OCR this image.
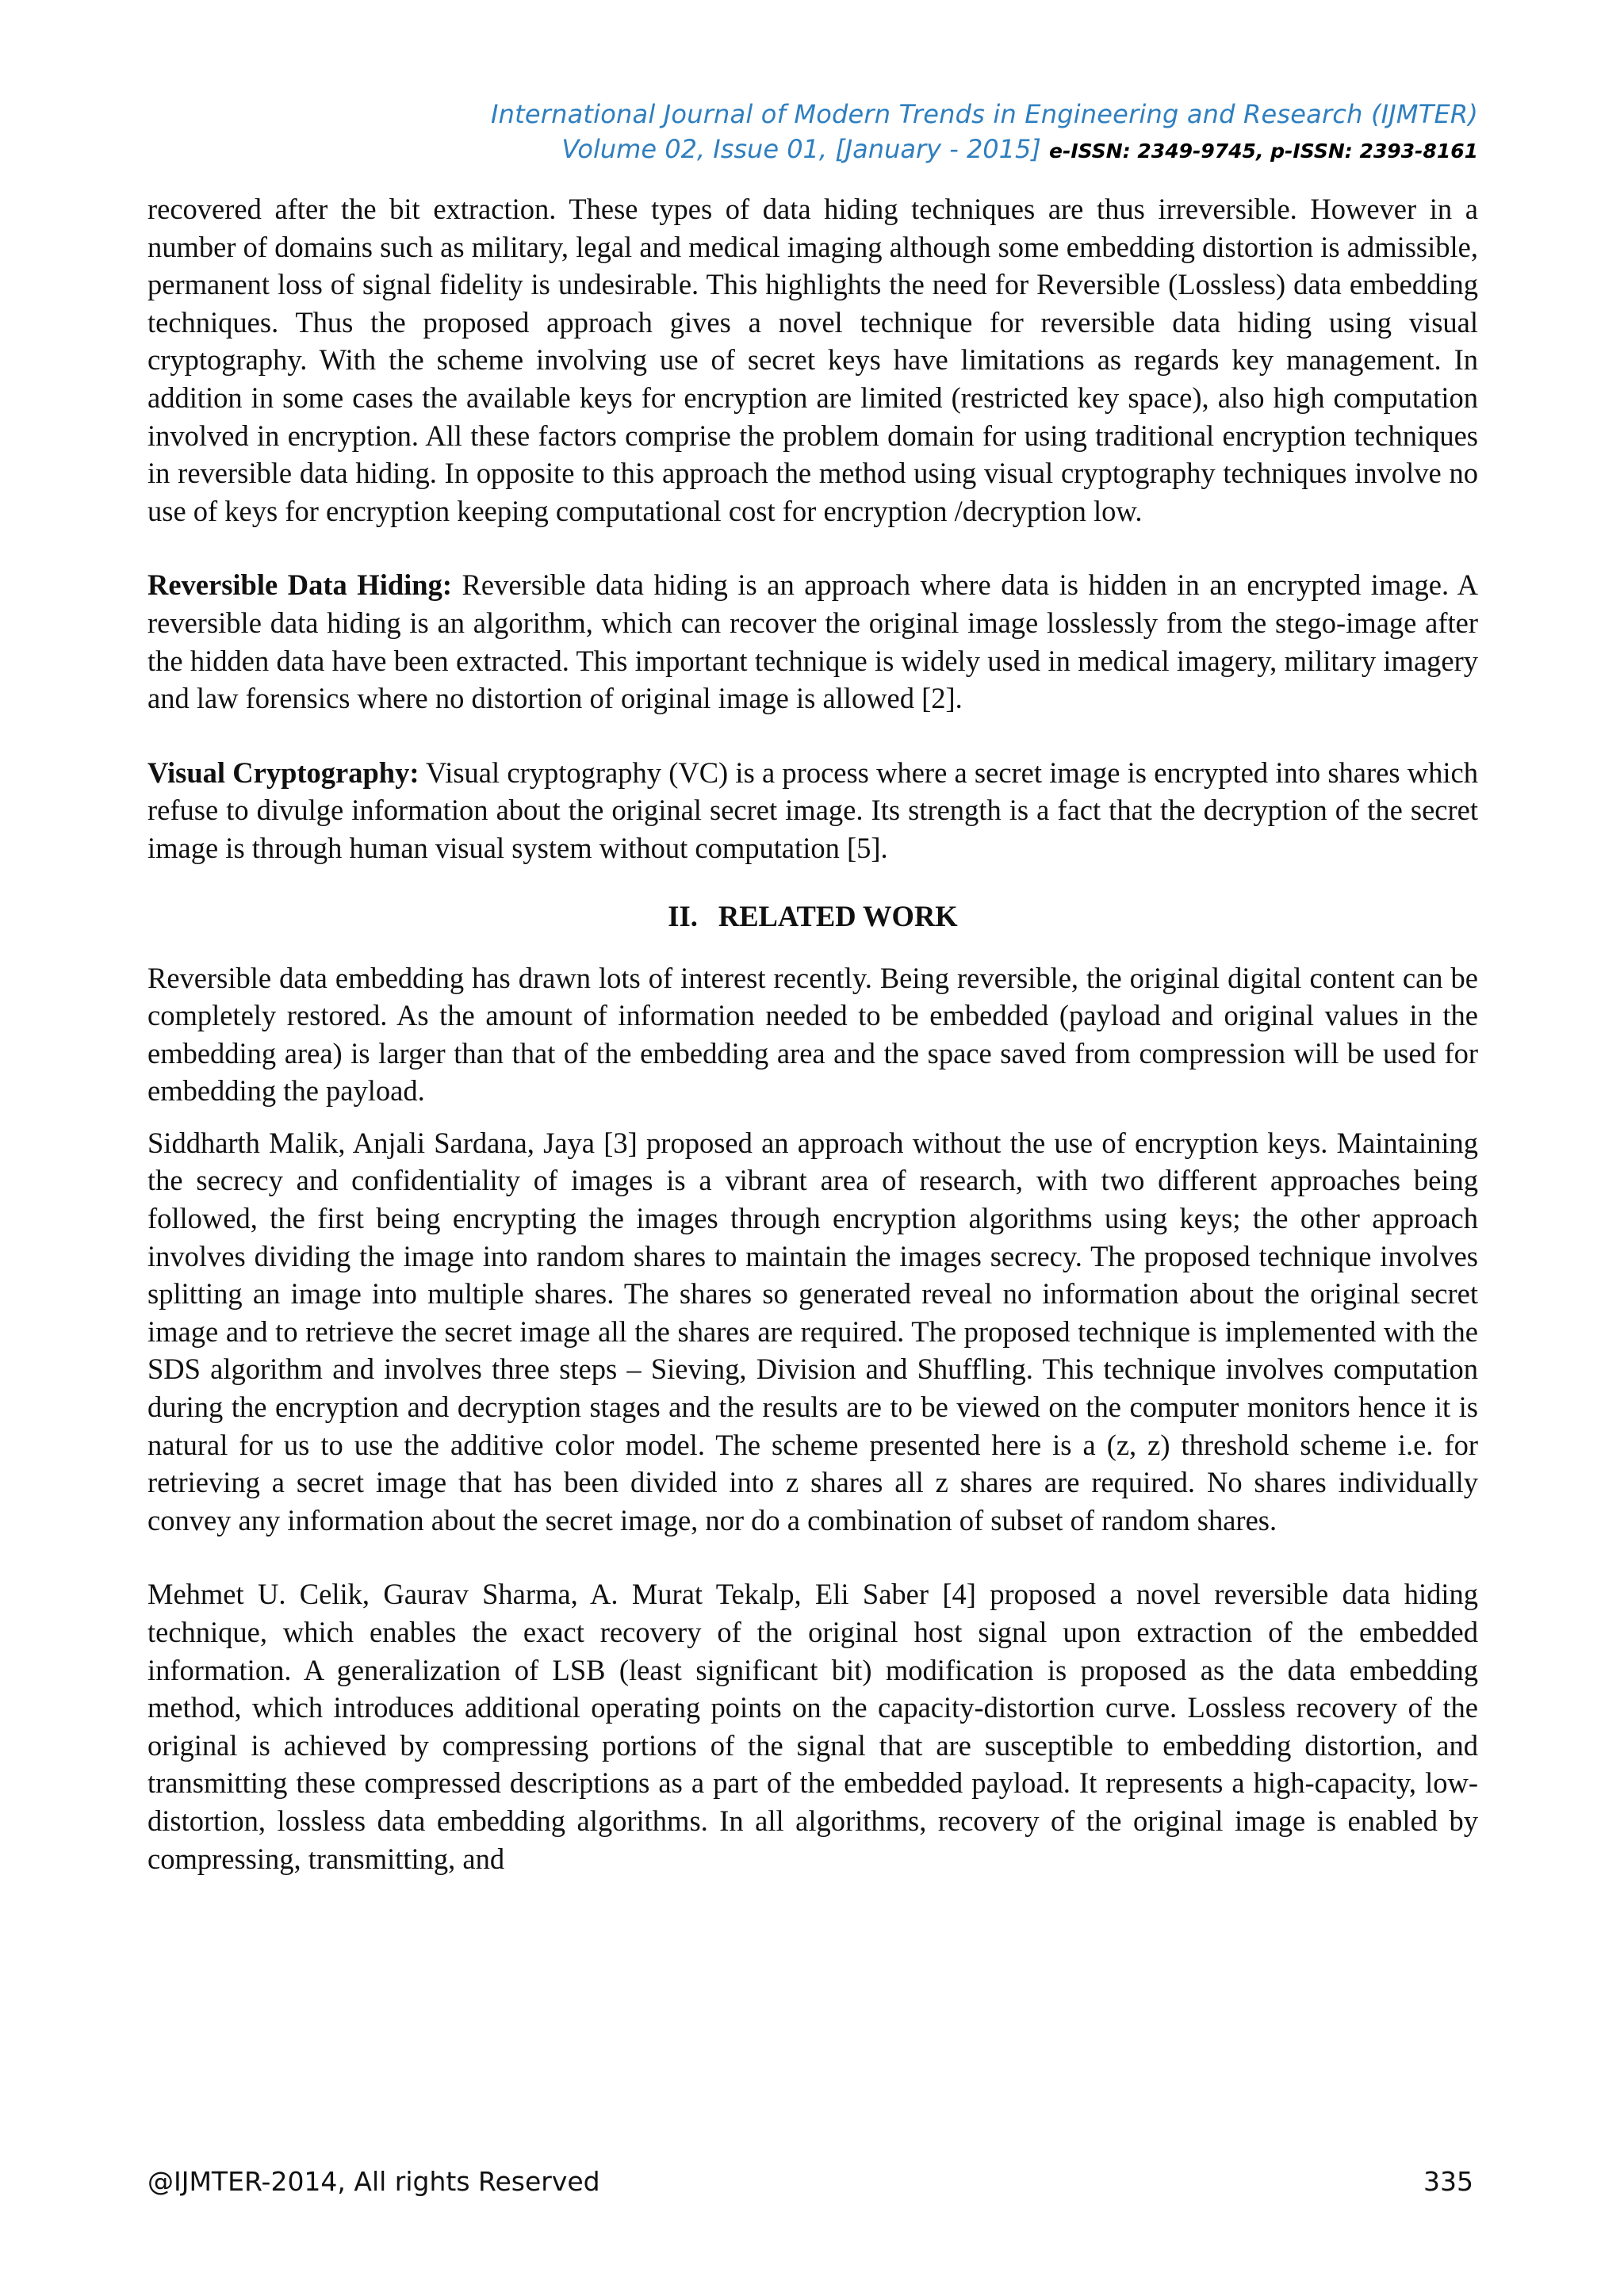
International Journal of Modern Trends in Engineering and Research (IJMTER)
Volume 02, Issue 01, [January - 2015] e-ISSN: 2349-9745, p-ISSN: 2393-8161

recovered after the bit extraction. These types of data hiding techniques are thus irreversible. However in a number of domains such as military, legal and medical imaging although some embedding distortion is admissible, permanent loss of signal fidelity is undesirable. This highlights the need for Reversible (Lossless) data embedding techniques. Thus the proposed approach gives a novel technique for reversible data hiding using visual cryptography. With the scheme involving use of secret keys have limitations as regards key management. In addition in some cases the available keys for encryption are limited (restricted key space), also high computation involved in encryption. All these factors comprise the problem domain for using traditional encryption techniques in reversible data hiding. In opposite to this approach the method using visual cryptography techniques involve no use of keys for encryption keeping computational cost for encryption /decryption low.

Reversible Data Hiding: Reversible data hiding is an approach where data is hidden in an encrypted image. A reversible data hiding is an algorithm, which can recover the original image losslessly from the stego-image after the hidden data have been extracted. This important technique is widely used in medical imagery, military imagery and law forensics where no distortion of original image is allowed [2].

Visual Cryptography: Visual cryptography (VC) is a process where a secret image is encrypted into shares which refuse to divulge information about the original secret image. Its strength is a fact that the decryption of the secret image is through human visual system without computation [5].

II. RELATED WORK

Reversible data embedding has drawn lots of interest recently. Being reversible, the original digital content can be completely restored. As the amount of information needed to be embedded (payload and original values in the embedding area) is larger than that of the embedding area and the space saved from compression will be used for embedding the payload.

Siddharth Malik, Anjali Sardana, Jaya [3] proposed an approach without the use of encryption keys. Maintaining the secrecy and confidentiality of images is a vibrant area of research, with two different approaches being followed, the first being encrypting the images through encryption algorithms using keys; the other approach involves dividing the image into random shares to maintain the images secrecy. The proposed technique involves splitting an image into multiple shares. The shares so generated reveal no information about the original secret image and to retrieve the secret image all the shares are required. The proposed technique is implemented with the SDS algorithm and involves three steps – Sieving, Division and Shuffling. This technique involves computation during the encryption and decryption stages and the results are to be viewed on the computer monitors hence it is natural for us to use the additive color model. The scheme presented here is a (z, z) threshold scheme i.e. for retrieving a secret image that has been divided into z shares all z shares are required. No shares individually convey any information about the secret image, nor do a combination of subset of random shares.

Mehmet U. Celik, Gaurav Sharma, A. Murat Tekalp, Eli Saber [4] proposed a novel reversible data hiding technique, which enables the exact recovery of the original host signal upon extraction of the embedded information. A generalization of LSB (least significant bit) modification is proposed as the data embedding method, which introduces additional operating points on the capacity-distortion curve. Lossless recovery of the original is achieved by compressing portions of the signal that are susceptible to embedding distortion, and transmitting these compressed descriptions as a part of the embedded payload. It represents a high-capacity, low-distortion, lossless data embedding algorithms. In all algorithms, recovery of the original image is enabled by compressing, transmitting, and

@IJMTER-2014, All rights Reserved	335
